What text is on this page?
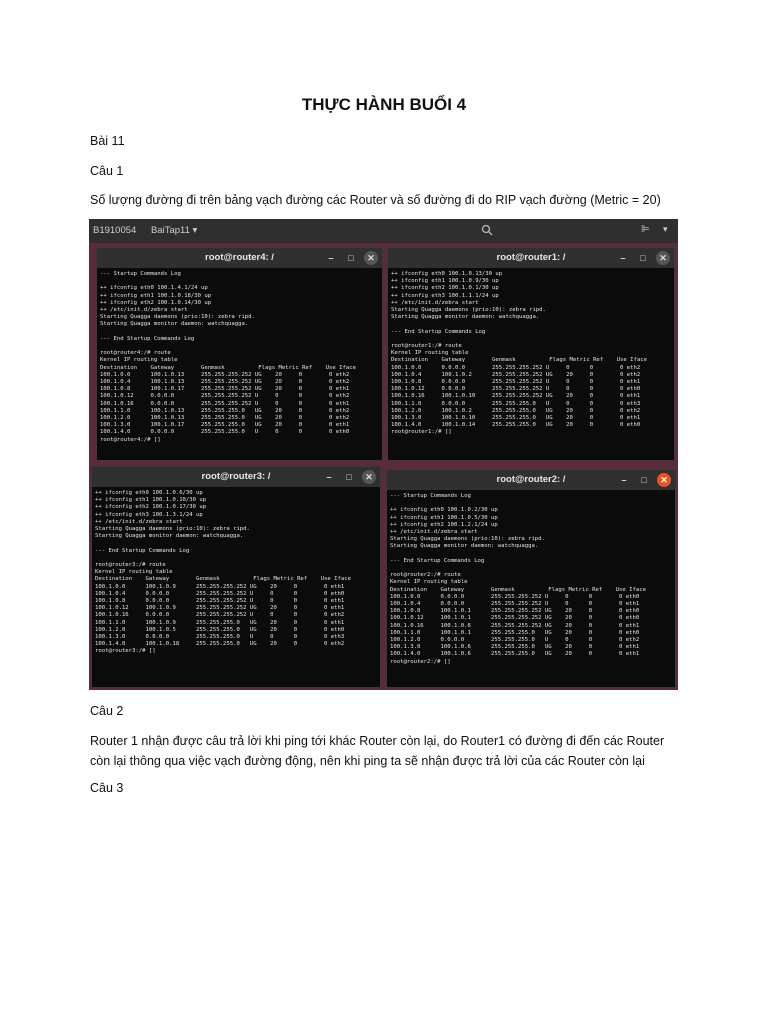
THỰC HÀNH BUỔI 4

Bài 11

Câu 1

Số lượng đường đi trên bảng vạch đường các Router và số đường đi do RIP vạch đường (Metric = 20)

B1910054 BaiTap11 ▾	⊫ ▾
root@router4: /	–	□	✕
--- Startup Commands Log

++ ifconfig eth0 100.1.4.1/24 up
++ ifconfig eth1 100.1.0.18/30 up
++ ifconfig eth2 100.1.0.14/30 up
++ /etc/init.d/zebra start
Starting Quagga daemons (prio:10): zebra ripd.
Starting Quagga monitor daemon: watchquagga.

--- End Startup Commands Log

root@router4:/# route
Kernel IP routing table
Destination    Gateway        Genmask          Flags Metric Ref    Use Iface
100.1.0.0      100.1.0.13     255.255.255.252 UG    20     0        0 eth2
100.1.0.4      100.1.0.13     255.255.255.252 UG    20     0        0 eth2
100.1.0.8      100.1.0.17     255.255.255.252 UG    20     0        0 eth1
100.1.0.12     0.0.0.0        255.255.255.252 U     0      0        0 eth2
100.1.0.16     0.0.0.0        255.255.255.252 U     0      0        0 eth1
100.1.1.0      100.1.0.13     255.255.255.0   UG    20     0        0 eth2
100.1.2.0      100.1.0.13     255.255.255.0   UG    20     0        0 eth2
100.1.3.0      100.1.0.17     255.255.255.0   UG    20     0        0 eth1
100.1.4.0      0.0.0.0        255.255.255.0   U     0      0        0 eth0
root@router4:/# []

root@router1: /	–	□	✕
++ ifconfig eth0 100.1.0.13/30 up
++ ifconfig eth1 100.1.0.9/30 up
++ ifconfig eth2 100.1.0.1/30 up
++ ifconfig eth3 100.1.1.1/24 up
++ /etc/init.d/zebra start
Starting Quagga daemons (prio:10): zebra ripd.
Starting Quagga monitor daemon: watchquagga.

--- End Startup Commands Log

root@router1:/# route
Kernel IP routing table
Destination    Gateway        Genmask          Flags Metric Ref    Use Iface
100.1.0.0      0.0.0.0        255.255.255.252 U     0      0        0 eth2
100.1.0.4      100.1.0.2      255.255.255.252 UG    20     0        0 eth2
100.1.0.8      0.0.0.0        255.255.255.252 U     0      0        0 eth1
100.1.0.12     0.0.0.0        255.255.255.252 U     0      0        0 eth0
100.1.0.16     100.1.0.10     255.255.255.252 UG    20     0        0 eth1
100.1.1.0      0.0.0.0        255.255.255.0   U     0      0        0 eth3
100.1.2.0      100.1.0.2      255.255.255.0   UG    20     0        0 eth2
100.1.3.0      100.1.0.10     255.255.255.0   UG    20     0        0 eth1
100.1.4.0      100.1.0.14     255.255.255.0   UG    20     0        0 eth0
root@router1:/# []

root@router3: /	–	□	✕
++ ifconfig eth0 100.1.0.6/30 up
++ ifconfig eth1 100.1.0.10/30 up
++ ifconfig eth2 100.1.0.17/30 up
++ ifconfig eth3 100.1.3.1/24 up
++ /etc/init.d/zebra start
Starting Quagga daemons (prio:10): zebra ripd.
Starting Quagga monitor daemon: watchquagga.

--- End Startup Commands Log

root@router3:/# route
Kernel IP routing table
Destination    Gateway        Genmask          Flags Metric Ref    Use Iface
100.1.0.0      100.1.0.9      255.255.255.252 UG    20     0        0 eth1
100.1.0.4      0.0.0.0        255.255.255.252 U     0      0        0 eth0
100.1.0.8      0.0.0.0        255.255.255.252 U     0      0        0 eth1
100.1.0.12     100.1.0.9      255.255.255.252 UG    20     0        0 eth1
100.1.0.16     0.0.0.0        255.255.255.252 U     0      0        0 eth2
100.1.1.0      100.1.0.9      255.255.255.0   UG    20     0        0 eth1
100.1.2.0      100.1.0.5      255.255.255.0   UG    20     0        0 eth0
100.1.3.0      0.0.0.0        255.255.255.0   U     0      0        0 eth3
100.1.4.0      100.1.0.18     255.255.255.0   UG    20     0        0 eth2
root@router3:/# []

root@router2: /	–	□	✕
--- Startup Commands Log

++ ifconfig eth0 100.1.0.2/30 up
++ ifconfig eth1 100.1.0.5/30 up
++ ifconfig eth2 100.1.2.1/24 up
++ /etc/init.d/zebra start
Starting Quagga daemons (prio:10): zebra ripd.
Starting Quagga monitor daemon: watchquagga.

--- End Startup Commands Log

root@router2:/# route
Kernel IP routing table
Destination    Gateway        Genmask          Flags Metric Ref    Use Iface
100.1.0.0      0.0.0.0        255.255.255.252 U     0      0        0 eth0
100.1.0.4      0.0.0.0        255.255.255.252 U     0      0        0 eth1
100.1.0.8      100.1.0.1      255.255.255.252 UG    20     0        0 eth0
100.1.0.12     100.1.0.1      255.255.255.252 UG    20     0        0 eth0
100.1.0.16     100.1.0.6      255.255.255.252 UG    20     0        0 eth1
100.1.1.0      100.1.0.1      255.255.255.0   UG    20     0        0 eth0
100.1.2.0      0.0.0.0        255.255.255.0   U     0      0        0 eth2
100.1.3.0      100.1.0.6      255.255.255.0   UG    20     0        0 eth1
100.1.4.0      100.1.0.6      255.255.255.0   UG    20     0        0 eth1
root@router2:/# []

Câu 2

Router 1 nhận được câu trả lời khi ping tới khác Router còn lại, do Router1 có đường đi đến các Router còn lại thông qua việc vạch đường động, nên khi ping ta sẽ nhận được trả lời của các Router còn lại

Câu 3
